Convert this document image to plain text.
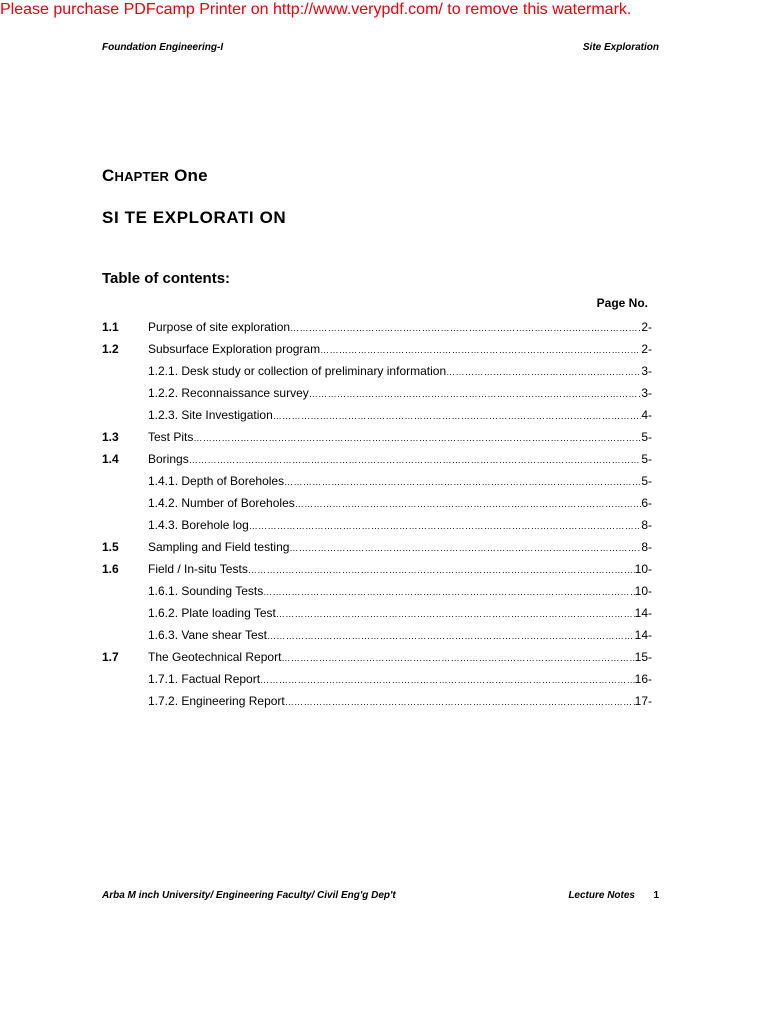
Please purchase PDFcamp Printer on http://www.verypdf.com/ to remove this watermark.
Foundation Engineering-I	Site Exploration
CHAPTER One
SI TE EXPLORATI ON
Table of contents:
Page No.
1.1	Purpose of site exploration ………………………………………………………………………………………………………………………………………………………………………………………………………	2-
1.2	Subsurface Exploration program ………………………………………………………………………………………………………………………………………………………………………………………………………	2-
1.2.1. Desk study or collection of preliminary information ………………………………………………………………………………………………………………………………………………………………………………………………………	3-
1.2.2. Reconnaissance survey ………………………………………………………………………………………………………………………………………………………………………………………………………	3-
1.2.3. Site Investigation ………………………………………………………………………………………………………………………………………………………………………………………………………	4-
1.3	Test Pits ………………………………………………………………………………………………………………………………………………………………………………………………………	5-
1.4	Borings ………………………………………………………………………………………………………………………………………………………………………………………………………	5-
1.4.1. Depth of Boreholes ………………………………………………………………………………………………………………………………………………………………………………………………………	5-
1.4.2. Number of Boreholes ………………………………………………………………………………………………………………………………………………………………………………………………………	6-
1.4.3. Borehole log ………………………………………………………………………………………………………………………………………………………………………………………………………	8-
1.5	Sampling and Field testing ………………………………………………………………………………………………………………………………………………………………………………………………………	8-
1.6	Field / In-situ Tests ………………………………………………………………………………………………………………………………………………………………………………………………………	10-
1.6.1. Sounding Tests ………………………………………………………………………………………………………………………………………………………………………………………………………	10-
1.6.2. Plate loading Test ………………………………………………………………………………………………………………………………………………………………………………………………………	14-
1.6.3. Vane shear Test ………………………………………………………………………………………………………………………………………………………………………………………………………	14-
1.7	The Geotechnical Report ………………………………………………………………………………………………………………………………………………………………………………………………………	15-
1.7.1. Factual Report ………………………………………………………………………………………………………………………………………………………………………………………………………	16-
1.7.2. Engineering Report ………………………………………………………………………………………………………………………………………………………………………………………………………	17-
Arba M inch University/ Engineering Faculty/ Civil Eng'g Dep't	Lecture Notes 1
